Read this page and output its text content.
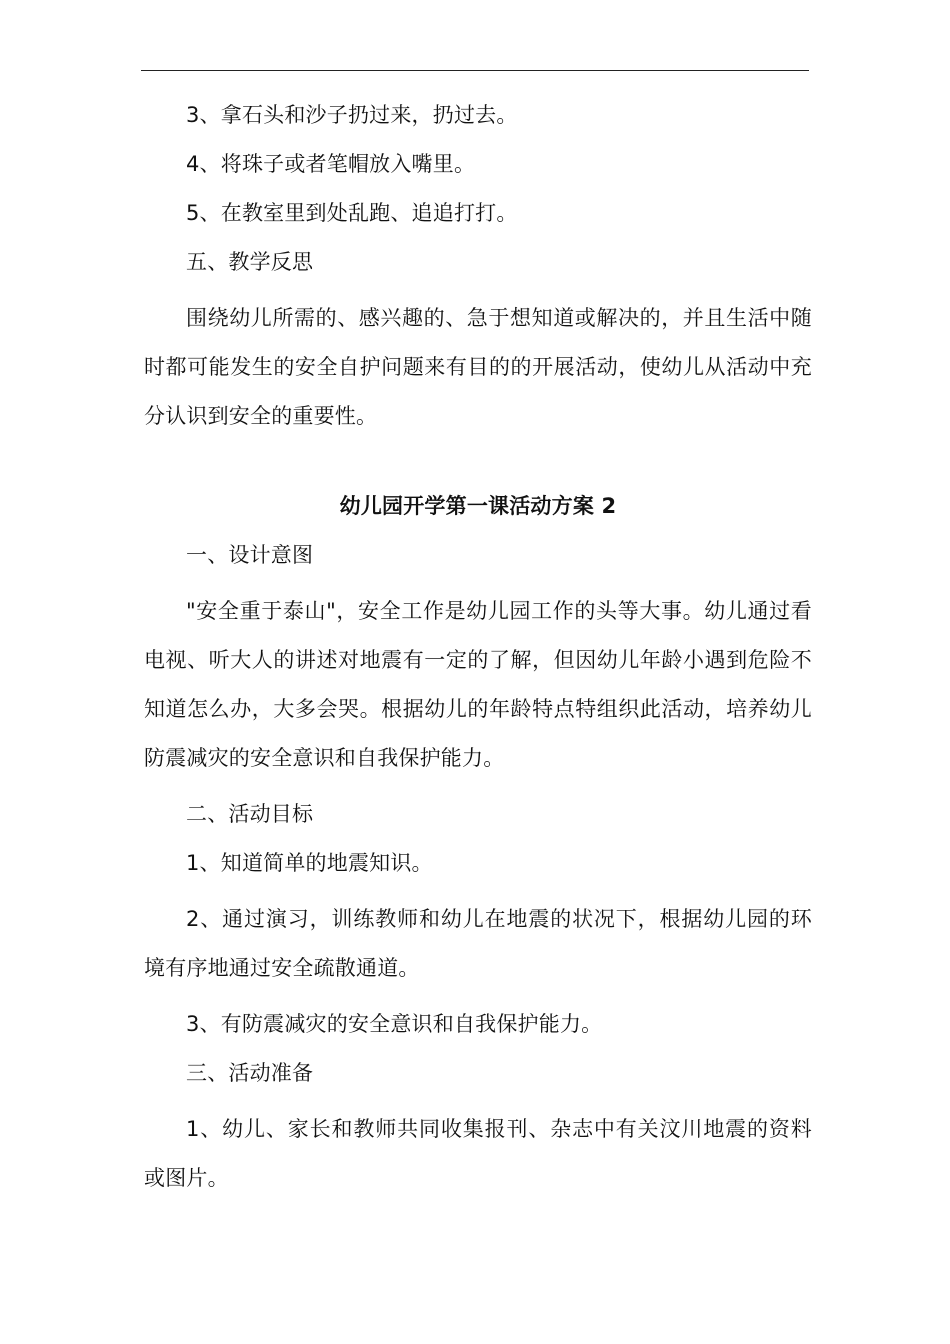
3、拿石头和沙子扔过来，扔过去。

4、将珠子或者笔帽放入嘴里。

5、在教室里到处乱跑、追追打打。

五、教学反思

围绕幼儿所需的、感兴趣的、急于想知道或解决的，并且生活中随时都可能发生的安全自护问题来有目的的开展活动，使幼儿从活动中充分认识到安全的重要性。

幼儿园开学第一课活动方案 2

一、设计意图

"安全重于泰山"，安全工作是幼儿园工作的头等大事。幼儿通过看电视、听大人的讲述对地震有一定的了解，但因幼儿年龄小遇到危险不知道怎么办，大多会哭。根据幼儿的年龄特点特组织此活动，培养幼儿防震减灾的安全意识和自我保护能力。

二、活动目标

1、知道简单的地震知识。

2、通过演习，训练教师和幼儿在地震的状况下，根据幼儿园的环境有序地通过安全疏散通道。

3、有防震减灾的安全意识和自我保护能力。

三、活动准备

1、幼儿、家长和教师共同收集报刊、杂志中有关汶川地震的资料或图片。
